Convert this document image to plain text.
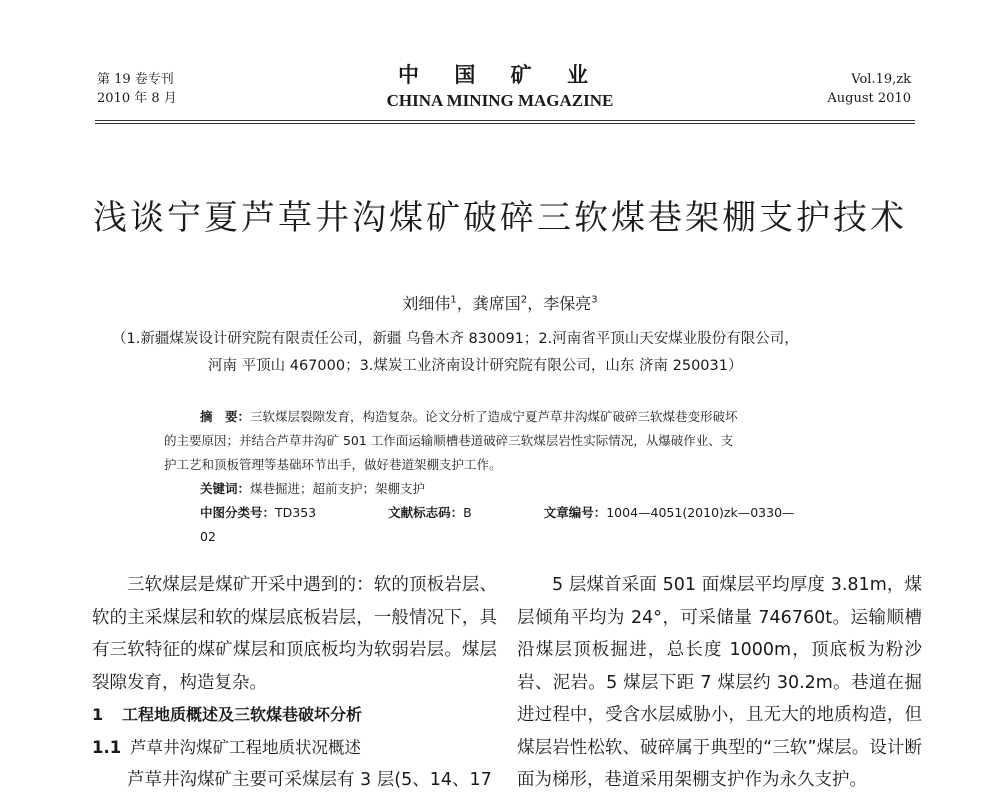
第 19 卷专刊
2010 年 8 月
中 国 矿 业
CHINA MINING MAGAZINE
Vol.19,zk
August 2010
浅谈宁夏芦草井沟煤矿破碎三软煤巷架棚支护技术
刘细伟$^1$，龚席国$^2$，李保亮$^3$
（1.新疆煤炭设计研究院有限责任公司，新疆 乌鲁木齐 830091；2.河南省平顶山天安煤业股份有限公司，
河南 平顶山 467000；3.煤炭工业济南设计研究院有限公司，山东 济南 250031）

摘　要：三软煤层裂隙发育，构造复杂。论文分析了造成宁夏芦草井沟煤矿破碎三软煤巷变形破坏

的主要原因；并结合芦草井沟矿 501 工作面运输顺槽巷道破碎三软煤层岩性实际情况，从爆破作业、支

护工艺和顶板管理等基础环节出手，做好巷道架棚支护工作。

关键词：煤巷掘进；超前支护；架棚支护

中图分类号：TD353	文献标志码：B	文章编号：1004—4051(2010)zk—0330—02

三软煤层是煤矿开采中遇到的：软的顶板岩层、软的主采煤层和软的煤层底板岩层，一般情况下，具有三软特征的煤矿煤层和顶底板均为软弱岩层。煤层裂隙发育，构造复杂。

1 工程地质概述及三软煤巷破坏分析

1.1 芦草井沟煤矿工程地质状况概述

芦草井沟煤矿主要可采煤层有 3 层(5、14、17

5 层煤首采面 501 面煤层平均厚度 3.81m，煤层倾角平均为 24°，可采储量 746760t。运输顺槽沿煤层顶板掘进，总长度 1000m，顶底板为粉沙岩、泥岩。5 煤层下距 7 煤层约 30.2m。巷道在掘进过程中，受含水层威胁小，且无大的地质构造，但煤层岩性松软、破碎属于典型的“三软”煤层。设计断面为梯形，巷道采用架棚支护作为永久支护。
